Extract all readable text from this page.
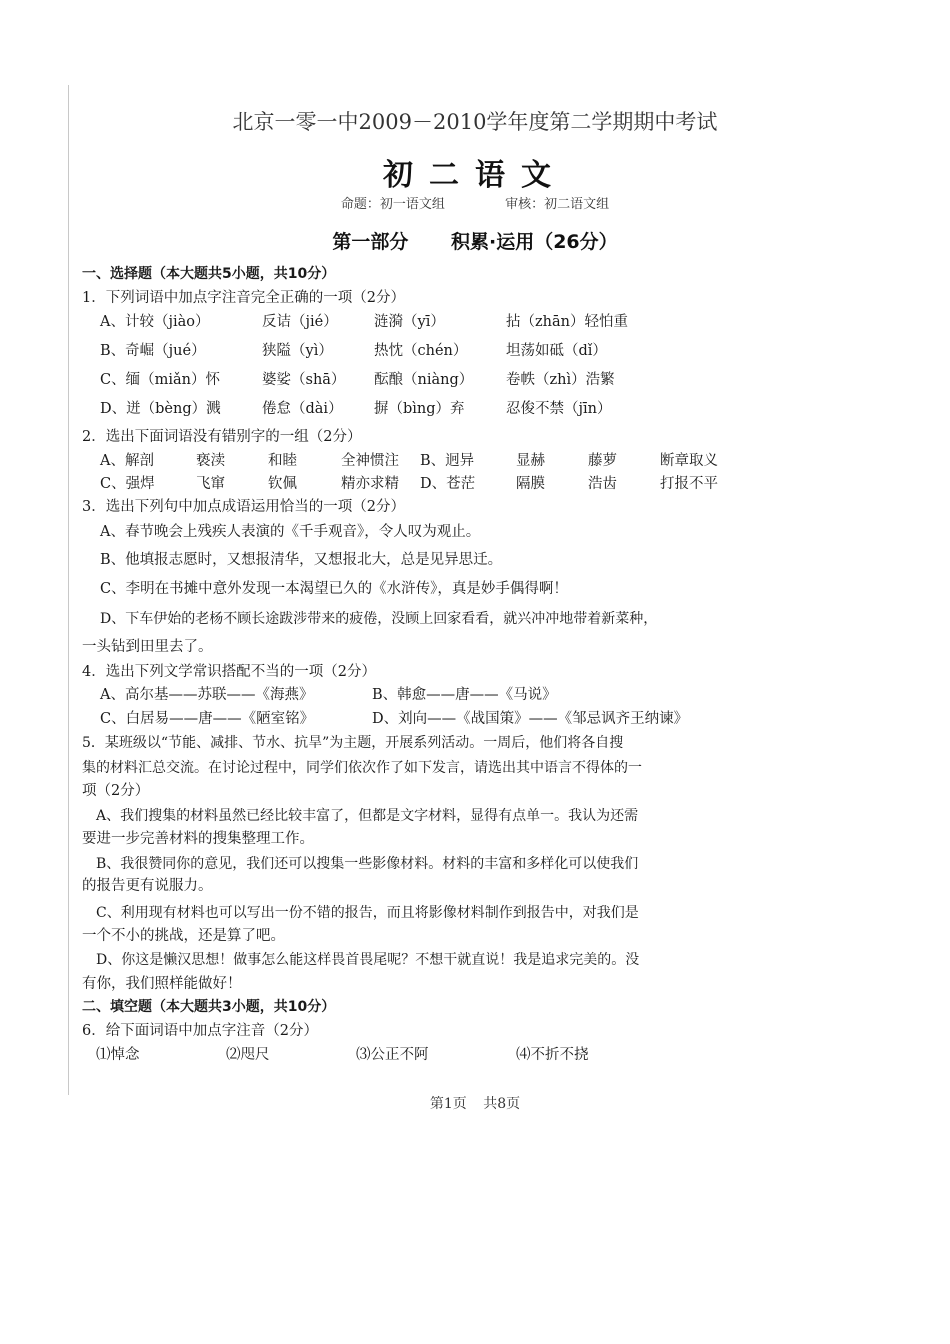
北京一零一中2009－2010学年度第二学期期中考试
初二语文
命题：初一语文组	审核：初二语文组
第一部分 积累·运用（26分）
一、选择题（本大题共5小题，共10分）
1．下列词语中加点字注音完全正确的一项（2分）
A、计较（jiào）	反诘（jié）	涟漪（yī）	拈（zhān）轻怕重
B、奇崛（jué）	狭隘（yì）	热忱（chén）	坦荡如砥（dǐ）
C、缅（miǎn）怀	婆娑（shā） 酝酿（niàng） 卷帙（zhì）浩繁
D、迸（bèng）溅	倦怠（dài） 摒（bìng）弃	忍俊不禁（jīn）
2．选出下面词语没有错别字的一组（2分）
A、解剖	亵渎	和睦	全神惯注 B、迥异	显赫	藤萝	断章取义
C、强焊	飞窜	钦佩	精亦求精 D、苍茫	隔膜	浩齿	打报不平
3．选出下列句中加点成语运用恰当的一项（2分）
A、春节晚会上残疾人表演的《千手观音》，令人叹为观止。
B、他填报志愿时，又想报清华，又想报北大，总是见异思迁。
C、李明在书摊中意外发现一本渴望已久的《水浒传》，真是妙手偶得啊！
D、下车伊始的老杨不顾长途跋涉带来的疲倦，没顾上回家看看，就兴冲冲地带着新菜种，
一头钻到田里去了。
4．选出下列文学常识搭配不当的一项（2分）
A、高尔基——苏联——《海燕》	B、韩愈——唐——《马说》
C、白居易——唐——《陋室铭》	D、刘向——《战国策》——《邹忌讽齐王纳谏》
5．某班级以“节能、减排、节水、抗旱”为主题，开展系列活动。一周后，他们将各自搜
集的材料汇总交流。在讨论过程中，同学们依次作了如下发言，请选出其中语言不得体的一
项（2分）
A、我们搜集的材料虽然已经比较丰富了，但都是文字材料，显得有点单一。我认为还需
要进一步完善材料的搜集整理工作。
B、我很赞同你的意见，我们还可以搜集一些影像材料。材料的丰富和多样化可以使我们
的报告更有说服力。
C、利用现有材料也可以写出一份不错的报告，而且将影像材料制作到报告中，对我们是
一个不小的挑战，还是算了吧。
D、你这是懒汉思想！做事怎么能这样畏首畏尾呢？不想干就直说！我是追求完美的。没
有你，我们照样能做好！
二、填空题（本大题共3小题，共10分）
6．给下面词语中加点字注音（2分）
⑴悼念	⑵咫尺	⑶公正不阿	⑷不折不挠
第1页 共8页
